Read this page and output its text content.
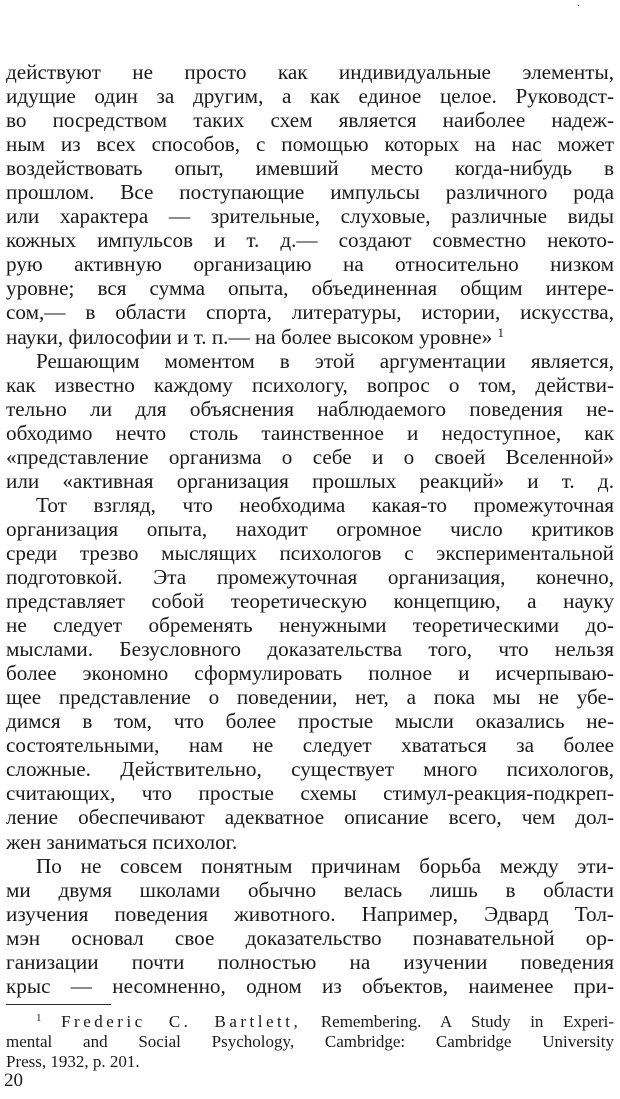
·
действуют не просто как индивидуальные элементы,
идущие один за другим, а как единое целое. Руководст-
во посредством таких схем является наиболее надеж-
ным из всех способов, с помощью которых на нас может
воздействовать опыт, имевший место когда-нибудь в
прошлом. Все поступающие импульсы различного рода
или характера — зрительные, слуховые, различные виды
кожных импульсов и т. д.— создают совместно некото-
рую активную организацию на относительно низком
уровне; вся сумма опыта, объединенная общим интере-
сом,— в области спорта, литературы, истории, искусства,
науки, философии и т. п.— на более высоком уровне» $^1$
Решающим моментом в этой аргументации является,
как известно каждому психологу, вопрос о том, действи-
тельно ли для объяснения наблюдаемого поведения не-
обходимо нечто столь таинственное и недоступное, как
«представление организма о себе и о своей Вселенной»
или «активная организация прошлых реакций» и т. д.
Тот взгляд, что необходима какая-то промежуточная
организация опыта, находит огромное число критиков
среди трезво мыслящих психологов с экспериментальной
подготовкой. Эта промежуточная организация, конечно,
представляет собой теоретическую концепцию, а науку
не следует обременять ненужными теоретическими до-
мыслами. Безусловного доказательства того, что нельзя
более экономно сформулировать полное и исчерпываю-
щее представление о поведении, нет, а пока мы не убе-
димся в том, что более простые мысли оказались не-
состоятельными, нам не следует хвататься за более
сложные. Действительно, существует много психологов,
считающих, что простые схемы стимул-реакция-подкреп-
ление обеспечивают адекватное описание всего, чем дол-
жен заниматься психолог.
По не совсем понятным причинам борьба между эти-
ми двумя школами обычно велась лишь в области
изучения поведения животного. Например, Эдвард Тол-
мэн основал свое доказательство познавательной ор-
ганизации почти полностью на изучении поведения
крыс — несомненно, одном из объектов, наименее при-
$^1$ Frederic C. Bartlett, Remembering. A Study in Experi-
mental and Social Psychology, Cambridge: Cambridge University
Press, 1932, p. 201.
20
